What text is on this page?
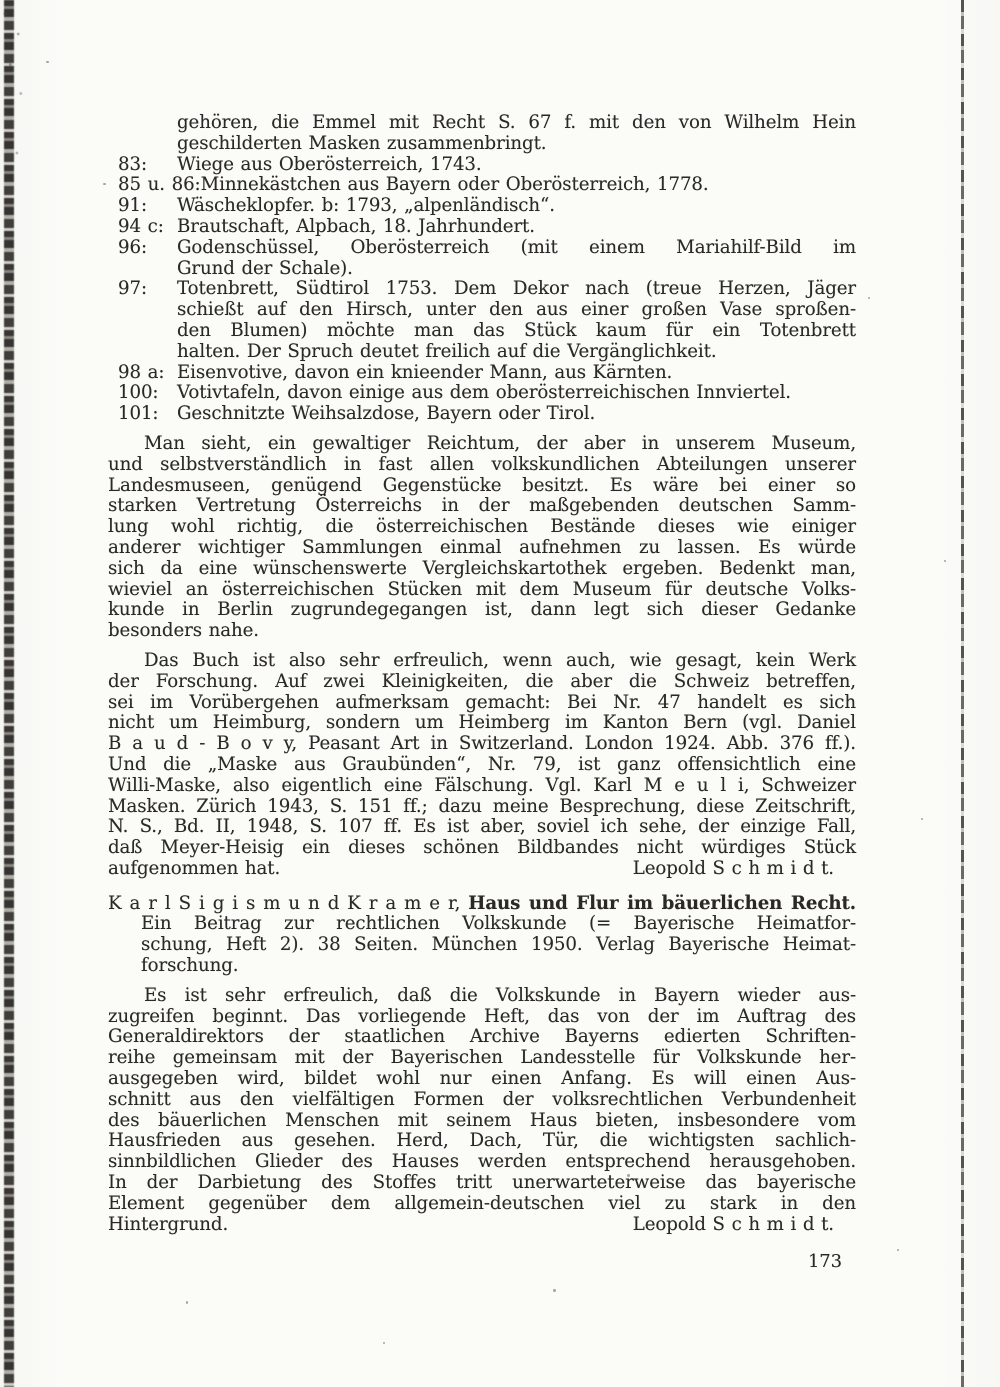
gehören, die Emmel mit Recht S. 67 f. mit den von Wilhelm Hein
geschilderten Masken zusammenbringt.
83: Wiege aus Oberösterreich, 1743.
85 u. 86:Minnekästchen aus Bayern oder Oberösterreich, 1778.
91: Wäscheklopfer. b: 1793, „alpenländisch“.
94 c: Brautschaft, Alpbach, 18. Jahrhundert.
96: Godenschüssel, Oberösterreich (mit einem Mariahilf-Bild im
Grund der Schale).
97: Totenbrett, Südtirol 1753. Dem Dekor nach (treue Herzen, Jäger
schießt auf den Hirsch, unter den aus einer großen Vase sproßen-
den Blumen) möchte man das Stück kaum für ein Totenbrett
halten. Der Spruch deutet freilich auf die Vergänglichkeit.
98 a: Eisenvotive, davon ein knieender Mann, aus Kärnten.
100: Votivtafeln, davon einige aus dem oberösterreichischen Innviertel.
101: Geschnitzte Weihsalzdose, Bayern oder Tirol.
Man sieht, ein gewaltiger Reichtum, der aber in unserem Museum,
und selbstverständlich in fast allen volkskundlichen Abteilungen unserer
Landesmuseen, genügend Gegenstücke besitzt. Es wäre bei einer so
starken Vertretung Österreichs in der maßgebenden deutschen Samm-
lung wohl richtig, die österreichischen Bestände dieses wie einiger
anderer wichtiger Sammlungen einmal aufnehmen zu lassen. Es würde
sich da eine wünschenswerte Vergleichskartothek ergeben. Bedenkt man,
wieviel an österreichischen Stücken mit dem Museum für deutsche Volks-
kunde in Berlin zugrundegegangen ist, dann legt sich dieser Gedanke
besonders nahe.
Das Buch ist also sehr erfreulich, wenn auch, wie gesagt, kein Werk
der Forschung. Auf zwei Kleinigkeiten, die aber die Schweiz betreffen,
sei im Vorübergehen aufmerksam gemacht: Bei Nr. 47 handelt es sich
nicht um Heimburg, sondern um Heimberg im Kanton Bern (vgl. Daniel
B a u d - B o v y, Peasant Art in Switzerland. London 1924. Abb. 376 ff.).
Und die „Maske aus Graubünden“, Nr. 79, ist ganz offensichtlich eine
Willi-Maske, also eigentlich eine Fälschung. Vgl. Karl M e u l i, Schweizer
Masken. Zürich 1943, S. 151 ff.; dazu meine Besprechung, diese Zeitschrift,
N. S., Bd. II, 1948, S. 107 ff. Es ist aber, soviel ich sehe, der einzige Fall,
daß Meyer-Heisig ein dieses schönen Bildbandes nicht würdiges Stück
aufgenommen hat.	Leopold S c h m i d t.
K a r l S i g i s m u n d K r a m e r, Haus und Flur im bäuerlichen Recht.
Ein Beitrag zur rechtlichen Volkskunde (= Bayerische Heimatfor-
schung, Heft 2). 38 Seiten. München 1950. Verlag Bayerische Heimat-
forschung.
Es ist sehr erfreulich, daß die Volkskunde in Bayern wieder aus-
zugreifen beginnt. Das vorliegende Heft, das von der im Auftrag des
Generaldirektors der staatlichen Archive Bayerns edierten Schriften-
reihe gemeinsam mit der Bayerischen Landesstelle für Volkskunde her-
ausgegeben wird, bildet wohl nur einen Anfang. Es will einen Aus-
schnitt aus den vielfältigen Formen der volksrechtlichen Verbundenheit
des bäuerlichen Menschen mit seinem Haus bieten, insbesondere vom
Hausfrieden aus gesehen. Herd, Dach, Tür, die wichtigsten sachlich-
sinnbildlichen Glieder des Hauses werden entsprechend herausgehoben.
In der Darbietung des Stoffes tritt unerwarteterweise das bayerische
Element gegenüber dem allgemein-deutschen viel zu stark in den
Hintergrund.	Leopold S c h m i d t.
173
